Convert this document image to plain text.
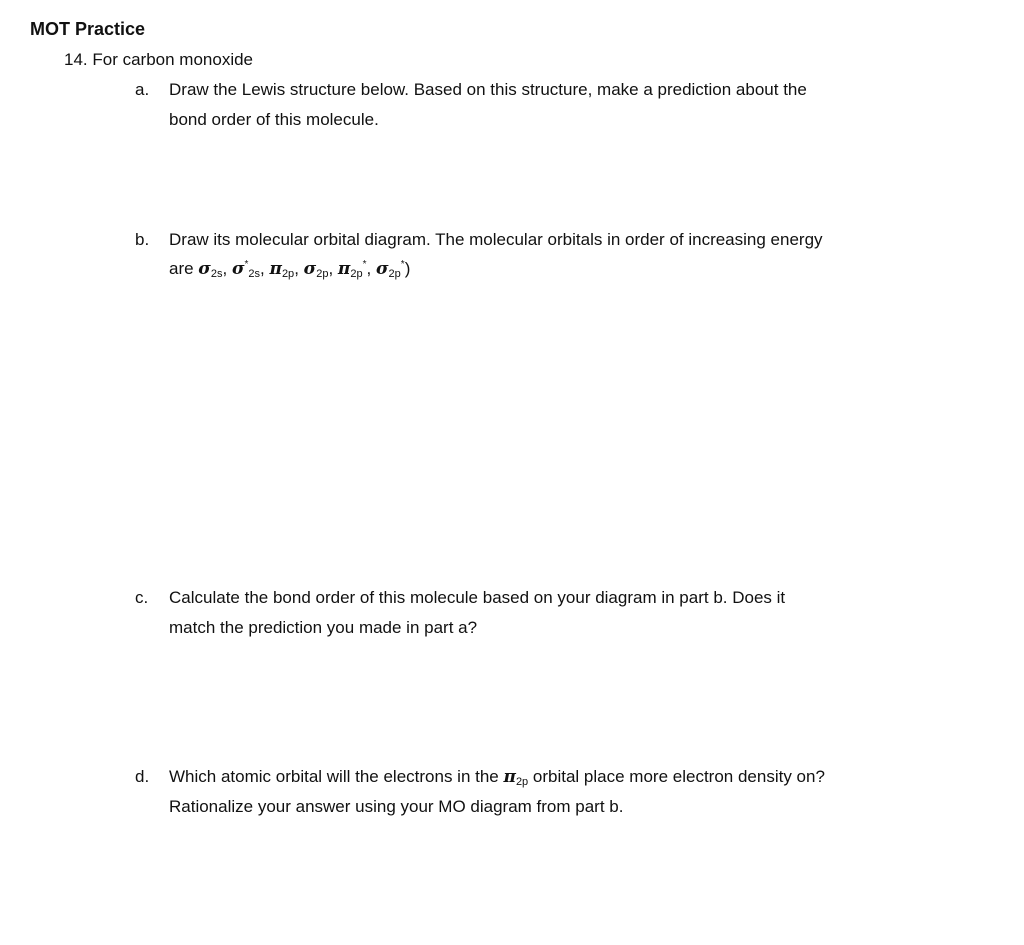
MOT Practice
14. For carbon monoxide
a. Draw the Lewis structure below. Based on this structure, make a prediction about the
bond order of this molecule.
b. Draw its molecular orbital diagram. The molecular orbitals in order of increasing energy
are $\sigma_{2s}$, $\sigma^*_{2s}$, $\pi_{2p}$, $\sigma_{2p}$, $\pi_{2p}^*$, $\sigma_{2p}^*$)
c. Calculate the bond order of this molecule based on your diagram in part b. Does it
match the prediction you made in part a?
d. Which atomic orbital will the electrons in the $\pi_{2p}$ orbital place more electron density on?
Rationalize your answer using your MO diagram from part b.
